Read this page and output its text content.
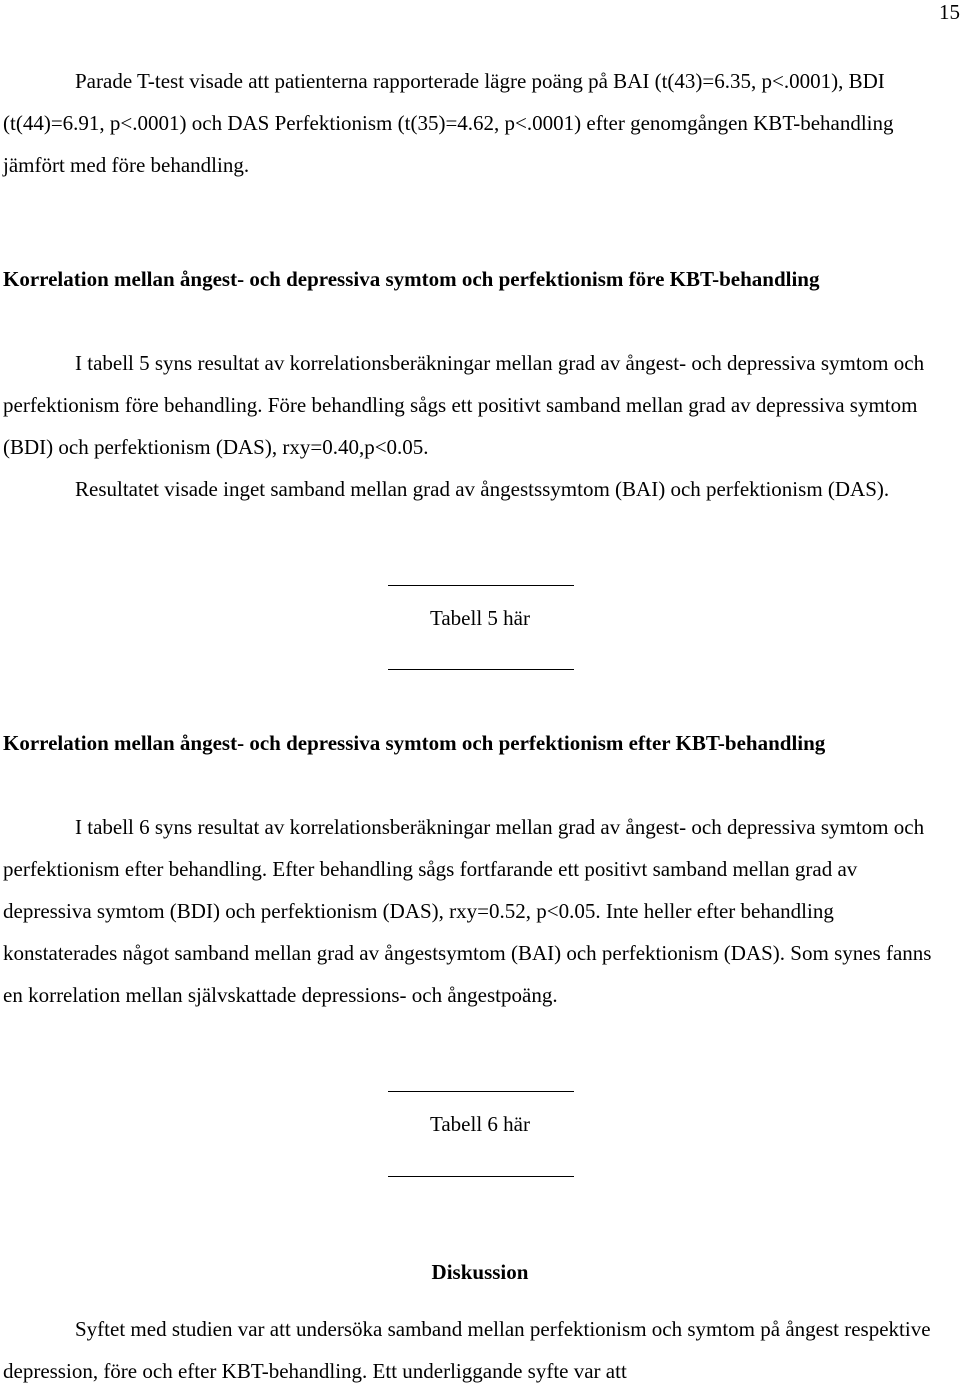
15

Parade T-test visade att patienterna rapporterade lägre poäng på BAI (t(43)=6.35, p<.0001), BDI (t(44)=6.91, p<.0001) och DAS Perfektionism (t(35)=4.62, p<.0001) efter genomgången KBT-behandling jämfört med före behandling.

Korrelation mellan ångest- och depressiva symtom och perfektionism före KBT-behandling

I tabell 5 syns resultat av korrelationsberäkningar mellan grad av ångest- och depressiva symtom och perfektionism före behandling. Före behandling sågs ett positivt samband mellan grad av depressiva symtom (BDI) och perfektionism (DAS), rxy=0.40,p<0.05.

Resultatet visade inget samband mellan grad av ångestssymtom (BAI) och perfektionism (DAS).

Tabell 5 här

Korrelation mellan ångest- och depressiva symtom och perfektionism efter KBT-behandling

I tabell 6 syns resultat av korrelationsberäkningar mellan grad av ångest- och depressiva symtom och perfektionism efter behandling. Efter behandling sågs fortfarande ett positivt samband mellan grad av depressiva symtom (BDI) och perfektionism (DAS), rxy=0.52, p<0.05. Inte heller efter behandling konstaterades något samband mellan grad av ångestsymtom (BAI) och perfektionism (DAS). Som synes fanns en korrelation mellan självskattade depressions- och ångestpoäng.

Tabell 6 här

Diskussion

Syftet med studien var att undersöka samband mellan perfektionism och symtom på ångest respektive depression, före och efter KBT-behandling. Ett underliggande syfte var att
